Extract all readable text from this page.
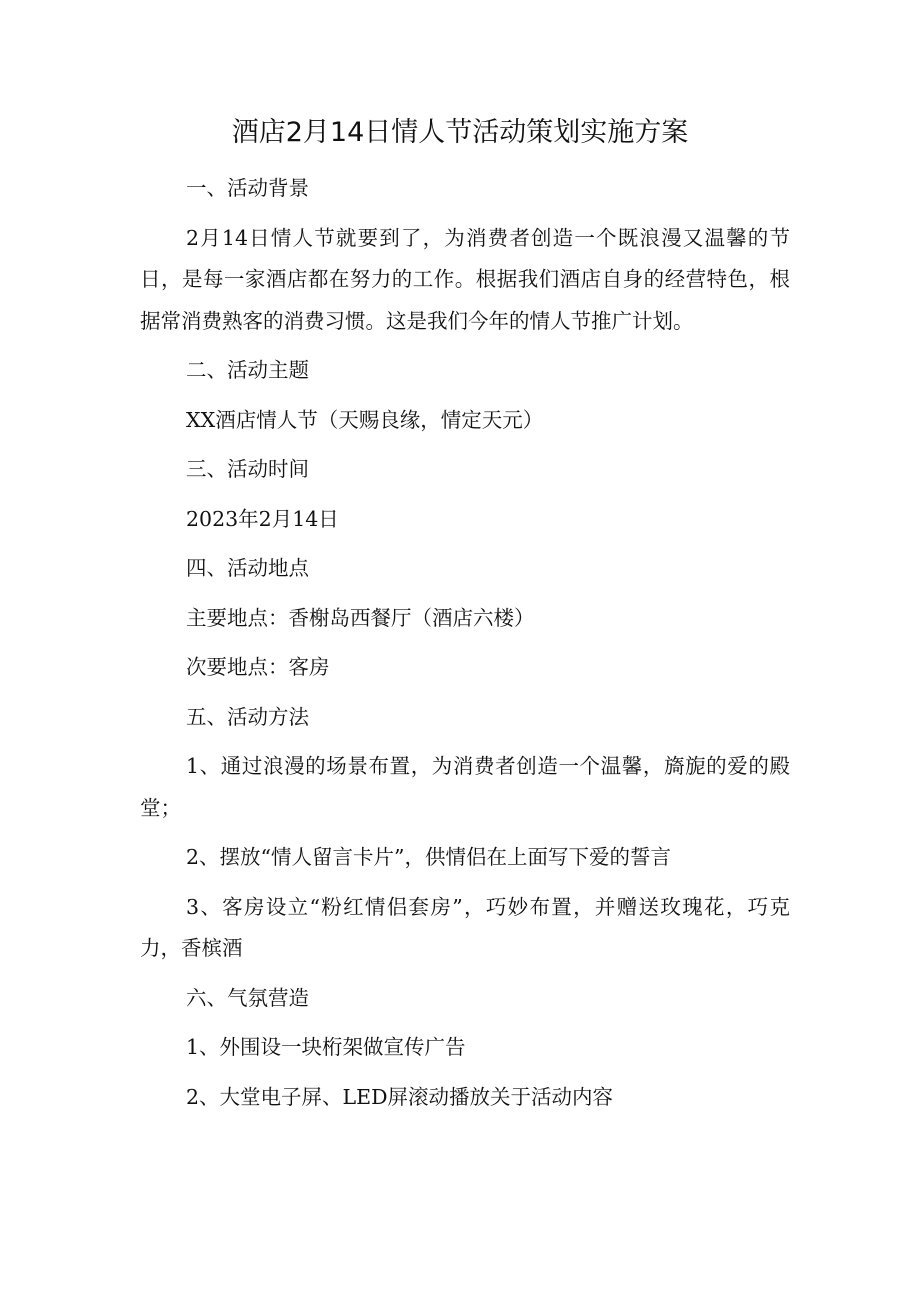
酒店2月14日情人节活动策划实施方案

一、活动背景

2月14日情人节就要到了，为消费者创造一个既浪漫又温馨的节日，是每一家酒店都在努力的工作。根据我们酒店自身的经营特色，根据常消费熟客的消费习惯。这是我们今年的情人节推广计划。

二、活动主题

XX酒店情人节（天赐良缘，情定天元）

三、活动时间

2023年2月14日

四、活动地点

主要地点：香榭岛西餐厅（酒店六楼）

次要地点：客房

五、活动方法

1、通过浪漫的场景布置，为消费者创造一个温馨，旖旎的爱的殿堂；

2、摆放“情人留言卡片”，供情侣在上面写下爱的誓言

3、客房设立“粉红情侣套房”，巧妙布置，并赠送玫瑰花，巧克力，香槟酒

六、气氛营造

1、外围设一块桁架做宣传广告

2、大堂电子屏、LED屏滚动播放关于活动内容
